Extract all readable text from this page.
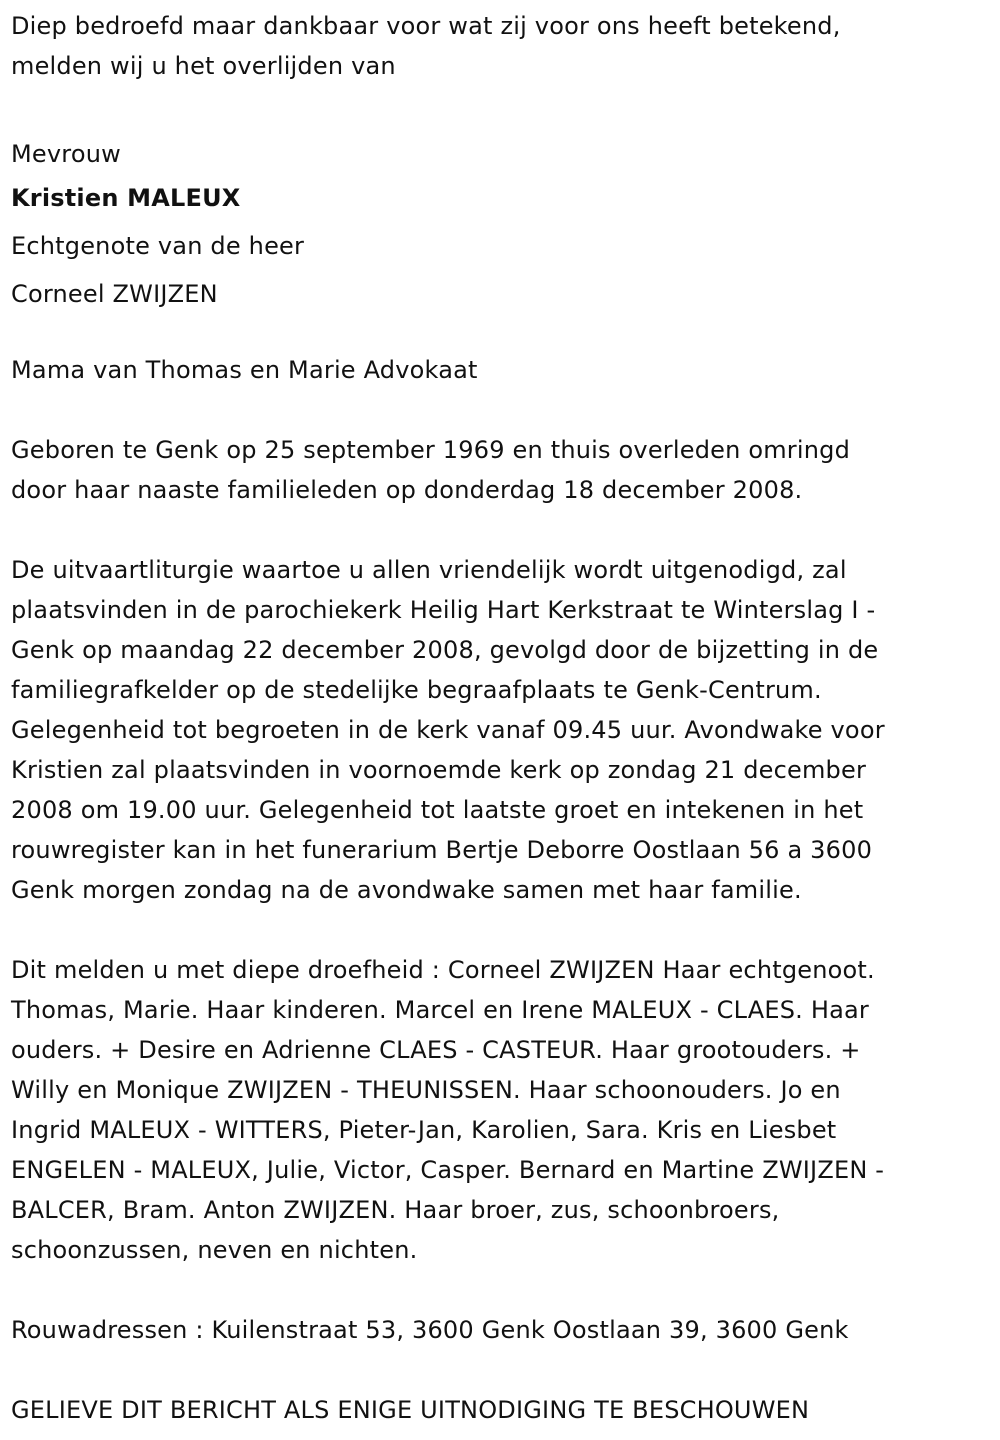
Diep bedroefd maar dankbaar voor wat zij voor ons heeft betekend,
melden wij u het overlijden van

Mevrouw

Kristien MALEUX

Echtgenote van de heer

Corneel ZWIJZEN

Mama van Thomas en Marie Advokaat

Geboren te Genk op 25 september 1969 en thuis overleden omringd
door haar naaste familieleden op donderdag 18 december 2008.

De uitvaartliturgie waartoe u allen vriendelijk wordt uitgenodigd, zal
plaatsvinden in de parochiekerk Heilig Hart Kerkstraat te Winterslag I -
Genk op maandag 22 december 2008, gevolgd door de bijzetting in de
familiegrafkelder op de stedelijke begraafplaats te Genk-Centrum.
Gelegenheid tot begroeten in de kerk vanaf 09.45 uur. Avondwake voor
Kristien zal plaatsvinden in voornoemde kerk op zondag 21 december
2008 om 19.00 uur. Gelegenheid tot laatste groet en intekenen in het
rouwregister kan in het funerarium Bertje Deborre Oostlaan 56 a 3600
Genk morgen zondag na de avondwake samen met haar familie.

Dit melden u met diepe droefheid : Corneel ZWIJZEN Haar echtgenoot.
Thomas, Marie. Haar kinderen. Marcel en Irene MALEUX - CLAES. Haar
ouders. + Desire en Adrienne CLAES - CASTEUR. Haar grootouders. +
Willy en Monique ZWIJZEN - THEUNISSEN. Haar schoonouders. Jo en
Ingrid MALEUX - WITTERS, Pieter-Jan, Karolien, Sara. Kris en Liesbet
ENGELEN - MALEUX, Julie, Victor, Casper. Bernard en Martine ZWIJZEN -
BALCER, Bram. Anton ZWIJZEN. Haar broer, zus, schoonbroers,
schoonzussen, neven en nichten.

Rouwadressen : Kuilenstraat 53, 3600 Genk Oostlaan 39, 3600 Genk

GELIEVE DIT BERICHT ALS ENIGE UITNODIGING TE BESCHOUWEN
